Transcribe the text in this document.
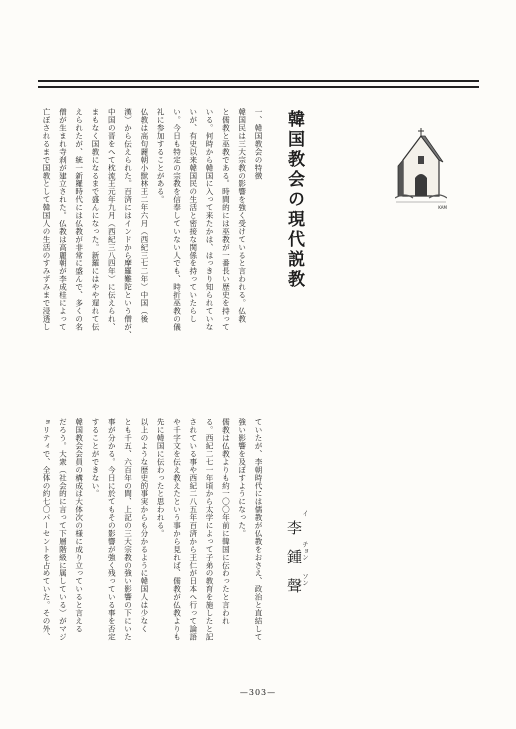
KAM
韓国教会の現代説教
李鍾聲
イ
チョン
ソン
一、韓国教会の特徴
韓国民は三大宗教の影響を強く受けていると言われる。仏教
と儒教と巫教である。時間的には巫教が一番長い歴史を持って
いる。何時から韓国に入って来たかは、はっきり知られていな
いが、有史以来韓国民の生活と密接な関係を持っていたらし
い。今日も特定の宗教を信奉していない人でも、時折巫教の儀
礼に参加することがある。
仏教は高句麗朝小獣林王二年六月（西紀三七二年）中国（後
漢）から伝えられた。百済にはインドから摩羅難陀という僧が、
中国の晋をへて枕流王元年九月（西紀三八四年）に伝えられ、
まもなく国教になるまで盛んになった。新羅にはやや遅れて伝
えられたが、統一新羅時代には仏教が非常に盛んで、多くの名
僧が生まれ寺刹が建立された。仏教は高麗朝が李成桂によって
亡ぼされるまで国教として韓国人の生活のすみずみまで浸透し
ていたが、李朝時代には儒教が仏教をおさえ、政治と直結して
強い影響を及ぼすようになった。
儒教は仏教よりも約一〇〇年前に韓国に伝わったと言われ
る。西紀二七一年頃から太学によって子弟の教育を施したと記
されている事や西紀二八五年百済から王仁が日本へ行って論語
や千字文を伝え教えたという事から見れば、儒教が仏教よりも
先に韓国に伝わったと思われる。
以上のような歴史的事実からも分かるように韓国人は少なく
とも千五、六百年の間、上記の三大宗教の強い影響の下にいた
事が分かる。今日に於てもその影響が強く残っている事を否定
することができない。
韓国教会会員の構成は大体次の様に成り立っていると言える
だろう。大衆（社会的に言って下層階級に属している）がマジ
ョリティで、全体の約七〇パーセントを占めていた。その外、
—303—
